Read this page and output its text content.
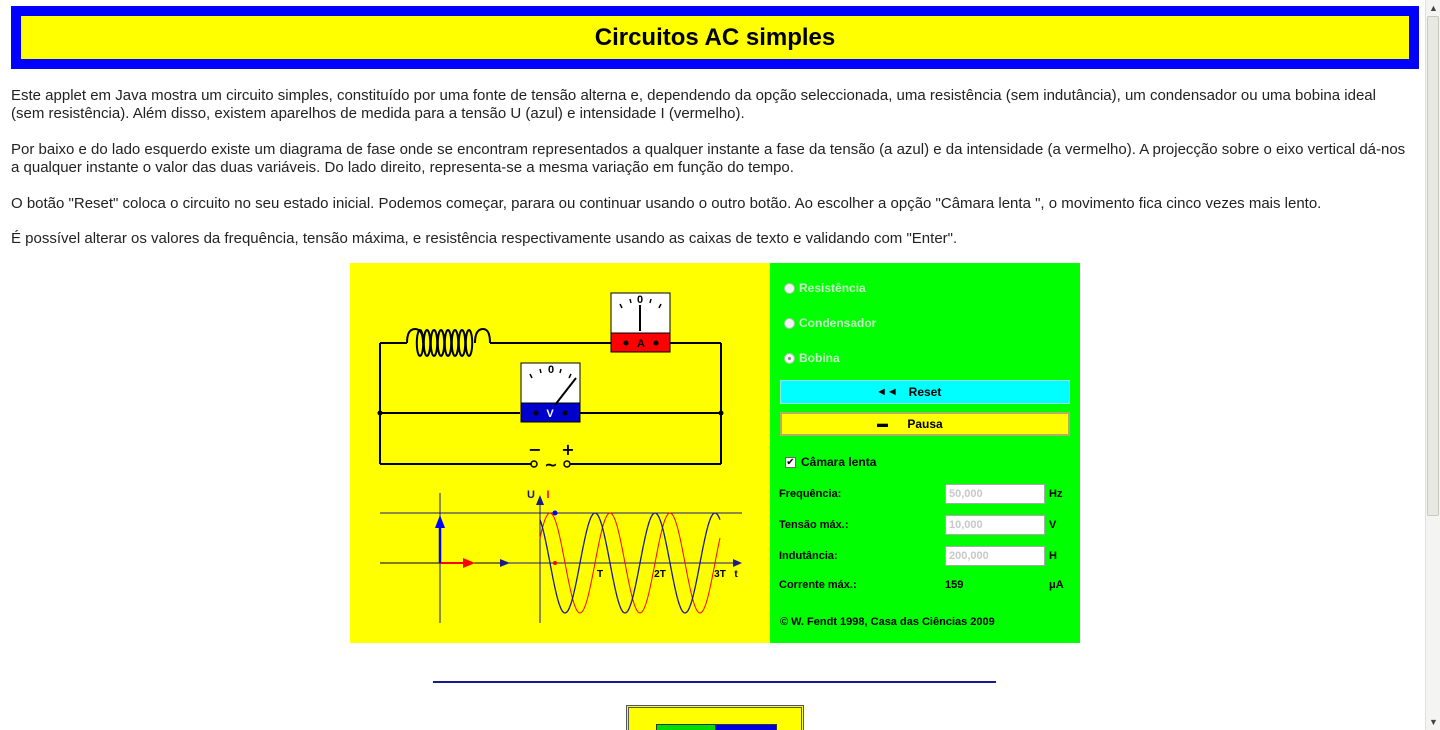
Circuitos AC simples

Este applet em Java mostra um circuito simples, constituído por uma fonte de tensão alterna e, dependendo da opção seleccionada, uma resistência (sem indutância), um condensador ou uma bobina ideal (sem resistência). Além disso, existem aparelhos de medida para a tensão U (azul) e intensidade I (vermelho).

Por baixo e do lado esquerdo existe um diagrama de fase onde se encontram representados a qualquer instante a fase da tensão (a azul) e da intensidade (a vermelho). A projecção sobre o eixo vertical dá-nos a qualquer instante o valor das duas variáveis. Do lado direito, representa-se a mesma variação em função do tempo.

O botão "Reset" coloca o circuito no seu estado inicial. Podemos começar, parara ou continuar usando o outro botão. Ao escolher a opção "Câmara lenta ", o movimento fica cinco vezes mais lento.

É possível alterar os valores da frequência, tensão máxima, e resistência respectivamente usando as caixas de texto e validando com "Enter".

0
A
0
V
− +
~
U I
T	2T	3T t
Resistência
Condensador
Bobina
◄◄ Reset
▬ Pausa
✔ Câmara lenta
Frequência:
50,000	Hz
Tensão máx.:
10,000	V
Indutância:
200,000	H
Corrente máx.:	159	μA
© W. Fendt 1998, Casa das Ciências 2009
▲
▼
